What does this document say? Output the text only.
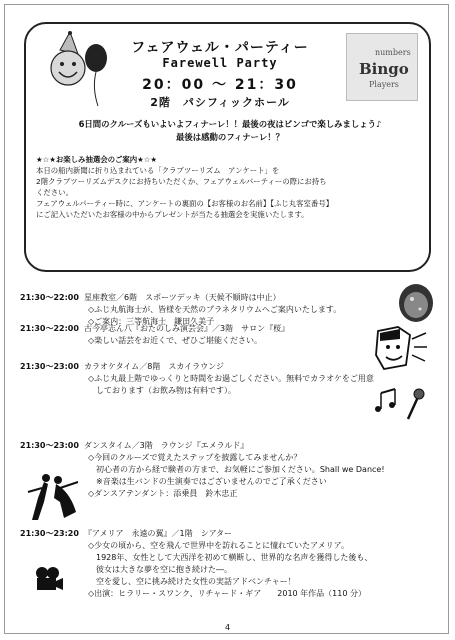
numbers
Bingo
Players
フェアウェル・パーティー
Farewell Party
20：00 ～ 21：30
2階　パシフィックホール
6日間のクルーズもいよいよフィナーレ！！最後の夜はビンゴで楽しみましょう♪
最後は感動のフィナーレ！？
★☆★お楽しみ抽選会のご案内★☆★
本日の船内新聞に折り込まれている「クラブツーリズム　アンケート」を
2階クラブツーリズムデスクにお持ちいただくか、フェアウェルパーティーの際にお持ち
ください。
フェアウェルパーティー時に、アンケートの裏面の【お客様のお名前】【ふじ丸客室番号】
にご記入いただいたお客様の中からプレゼントが当たる抽選会を実施いたします。
21:30～22:00 星座教室／6階　スポーツデッキ（天候不順時は中止）
◇ふじ丸航海士が、皆様を天然のプラネタリウムへご案内いたします。
◇ご案内：三等航海士　鎌田久美子
21:30～22:00 古今亭志ん八『おたのしみ演芸会』／3階　サロン『桜』
◇楽しい話芸をお近くで、ぜひご堪能ください。
21:30～23:00 カラオケタイム／8階　スカイラウンジ
◇ふじ丸最上階でゆっくりと時間をお過ごしください。無料でカラオケをご用意
　しております（お飲み物は有料です）。
21:30～23:00 ダンスタイム／3階　ラウンジ『エメラルド』
◇今回のクルーズで覚えたステップを披露してみませんか？
　初心者の方から経で験者の方まで、お気軽にご参加ください。Shall we Dance!
　※音楽は生バンドの生演奏ではございませんのでご了承ください
◇ダンスアテンダント：添乗員　鈴木忠正
21:30～23:20 『アメリア　永遠の翼』／1階　シアター
◇少女の頃から、空を飛んで世界中を訪れることに憧れていたアメリア。
　1928年、女性として大西洋を初めて横断し、世界的な名声を獲得した後も、
　彼女は大きな夢を空に抱き続けた―。
　空を愛し、空に挑み続けた女性の実話アドベンチャー！
◇出演：ヒラリー・スワンク、リチャード・ギア　　2010 年作品（110 分）
4
